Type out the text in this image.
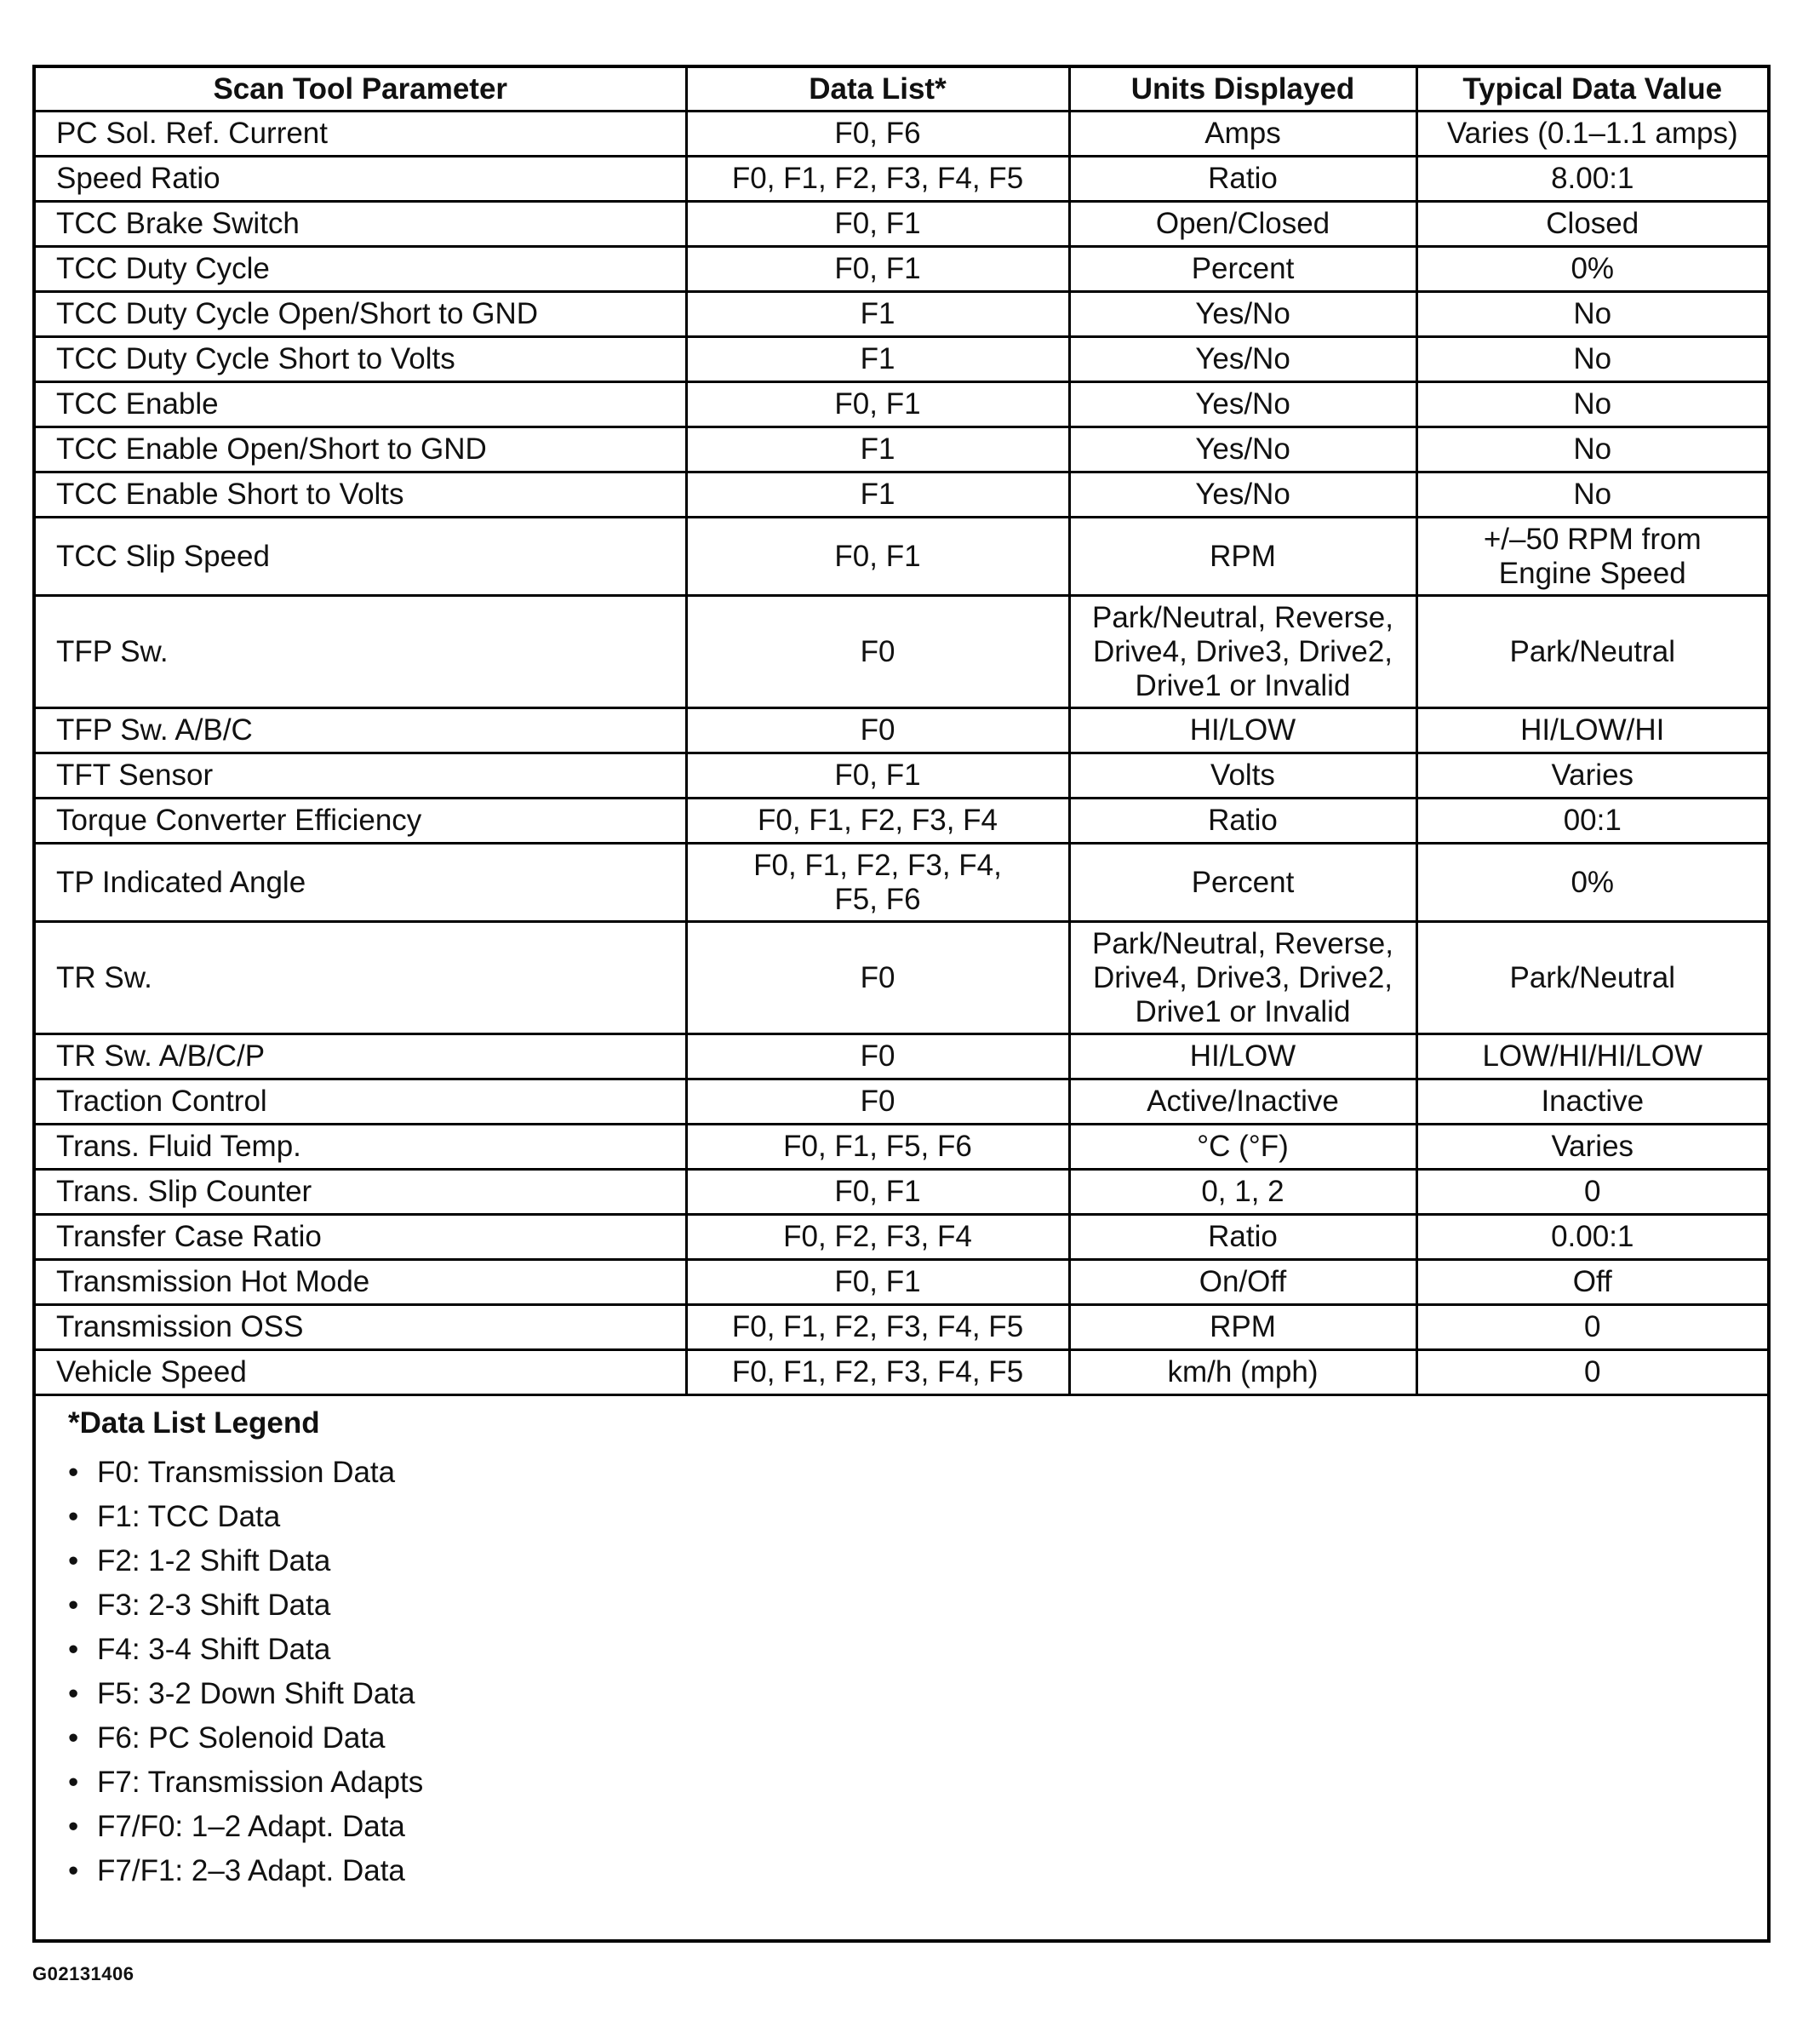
Scan Tool Parameter	Data List*	Units Displayed	Typical Data Value
PC Sol. Ref. Current	F0, F6	Amps	Varies (0.1–1.1 amps)
Speed Ratio	F0, F1, F2, F3, F4, F5	Ratio	8.00:1
TCC Brake Switch	F0, F1	Open/Closed	Closed
TCC Duty Cycle	F0, F1	Percent	0%
TCC Duty Cycle Open/Short to GND	F1	Yes/No	No
TCC Duty Cycle Short to Volts	F1	Yes/No	No
TCC Enable	F0, F1	Yes/No	No
TCC Enable Open/Short to GND	F1	Yes/No	No
TCC Enable Short to Volts	F1	Yes/No	No
TCC Slip Speed	F0, F1	RPM	+/–50 RPM from
Engine Speed
TFP Sw.	F0	Park/Neutral, Reverse,
Drive4, Drive3, Drive2,
Drive1 or Invalid	Park/Neutral
TFP Sw. A/B/C	F0	HI/LOW	HI/LOW/HI
TFT Sensor	F0, F1	Volts	Varies
Torque Converter Efficiency	F0, F1, F2, F3, F4	Ratio	00:1
TP Indicated Angle	F0, F1, F2, F3, F4,
F5, F6	Percent	0%
TR Sw.	F0	Park/Neutral, Reverse,
Drive4, Drive3, Drive2,
Drive1 or Invalid	Park/Neutral
TR Sw. A/B/C/P	F0	HI/LOW	LOW/HI/HI/LOW
Traction Control	F0	Active/Inactive	Inactive
Trans. Fluid Temp.	F0, F1, F5, F6	°C (°F)	Varies
Trans. Slip Counter	F0, F1	0, 1, 2	0
Transfer Case Ratio	F0, F2, F3, F4	Ratio	0.00:1
Transmission Hot Mode	F0, F1	On/Off	Off
Transmission OSS	F0, F1, F2, F3, F4, F5	RPM	0
Vehicle Speed	F0, F1, F2, F3, F4, F5	km/h (mph)	0
*Data List Legend
• F0: Transmission Data
• F1: TCC Data
• F2: 1-2 Shift Data
• F3: 2-3 Shift Data
• F4: 3-4 Shift Data
• F5: 3-2 Down Shift Data
• F6: PC Solenoid Data
• F7: Transmission Adapts
• F7/F0: 1–2 Adapt. Data
• F7/F1: 2–3 Adapt. Data
G02131406
